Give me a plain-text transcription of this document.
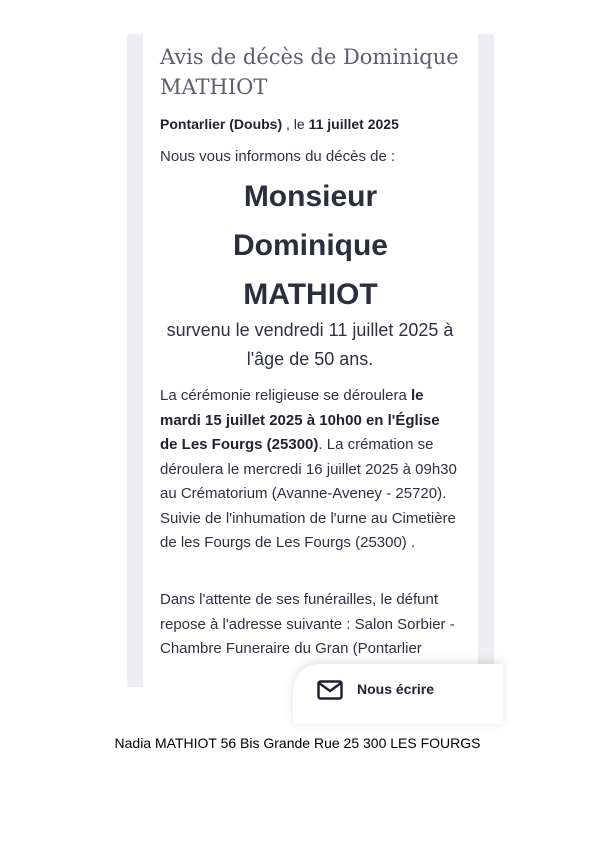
Avis de décès de Dominique MATHIOT

Pontarlier (Doubs) , le 11 juillet 2025

Nous vous informons du décès de :

Monsieur
Dominique
MATHIOT

survenu le vendredi 11 juillet 2025 à l'âge de 50 ans.

La cérémonie religieuse se déroulera le mardi 15 juillet 2025 à 10h00 en l'Église de Les Fourgs (25300). La crémation se déroulera le mercredi 16 juillet 2025 à 09h30 au Crématorium (Avanne-Aveney - 25720). Suivie de l'inhumation de l'urne au Cimetière de les Fourgs de Les Fourgs (25300) .

Dans l'attente de ses funérailles, le défunt repose à l'adresse suivante : Salon Sorbier - Chambre Funeraire du Gran (Pontarlier

Nous écrire

Nadia MATHIOT 56 Bis Grande Rue 25 300 LES FOURGS
